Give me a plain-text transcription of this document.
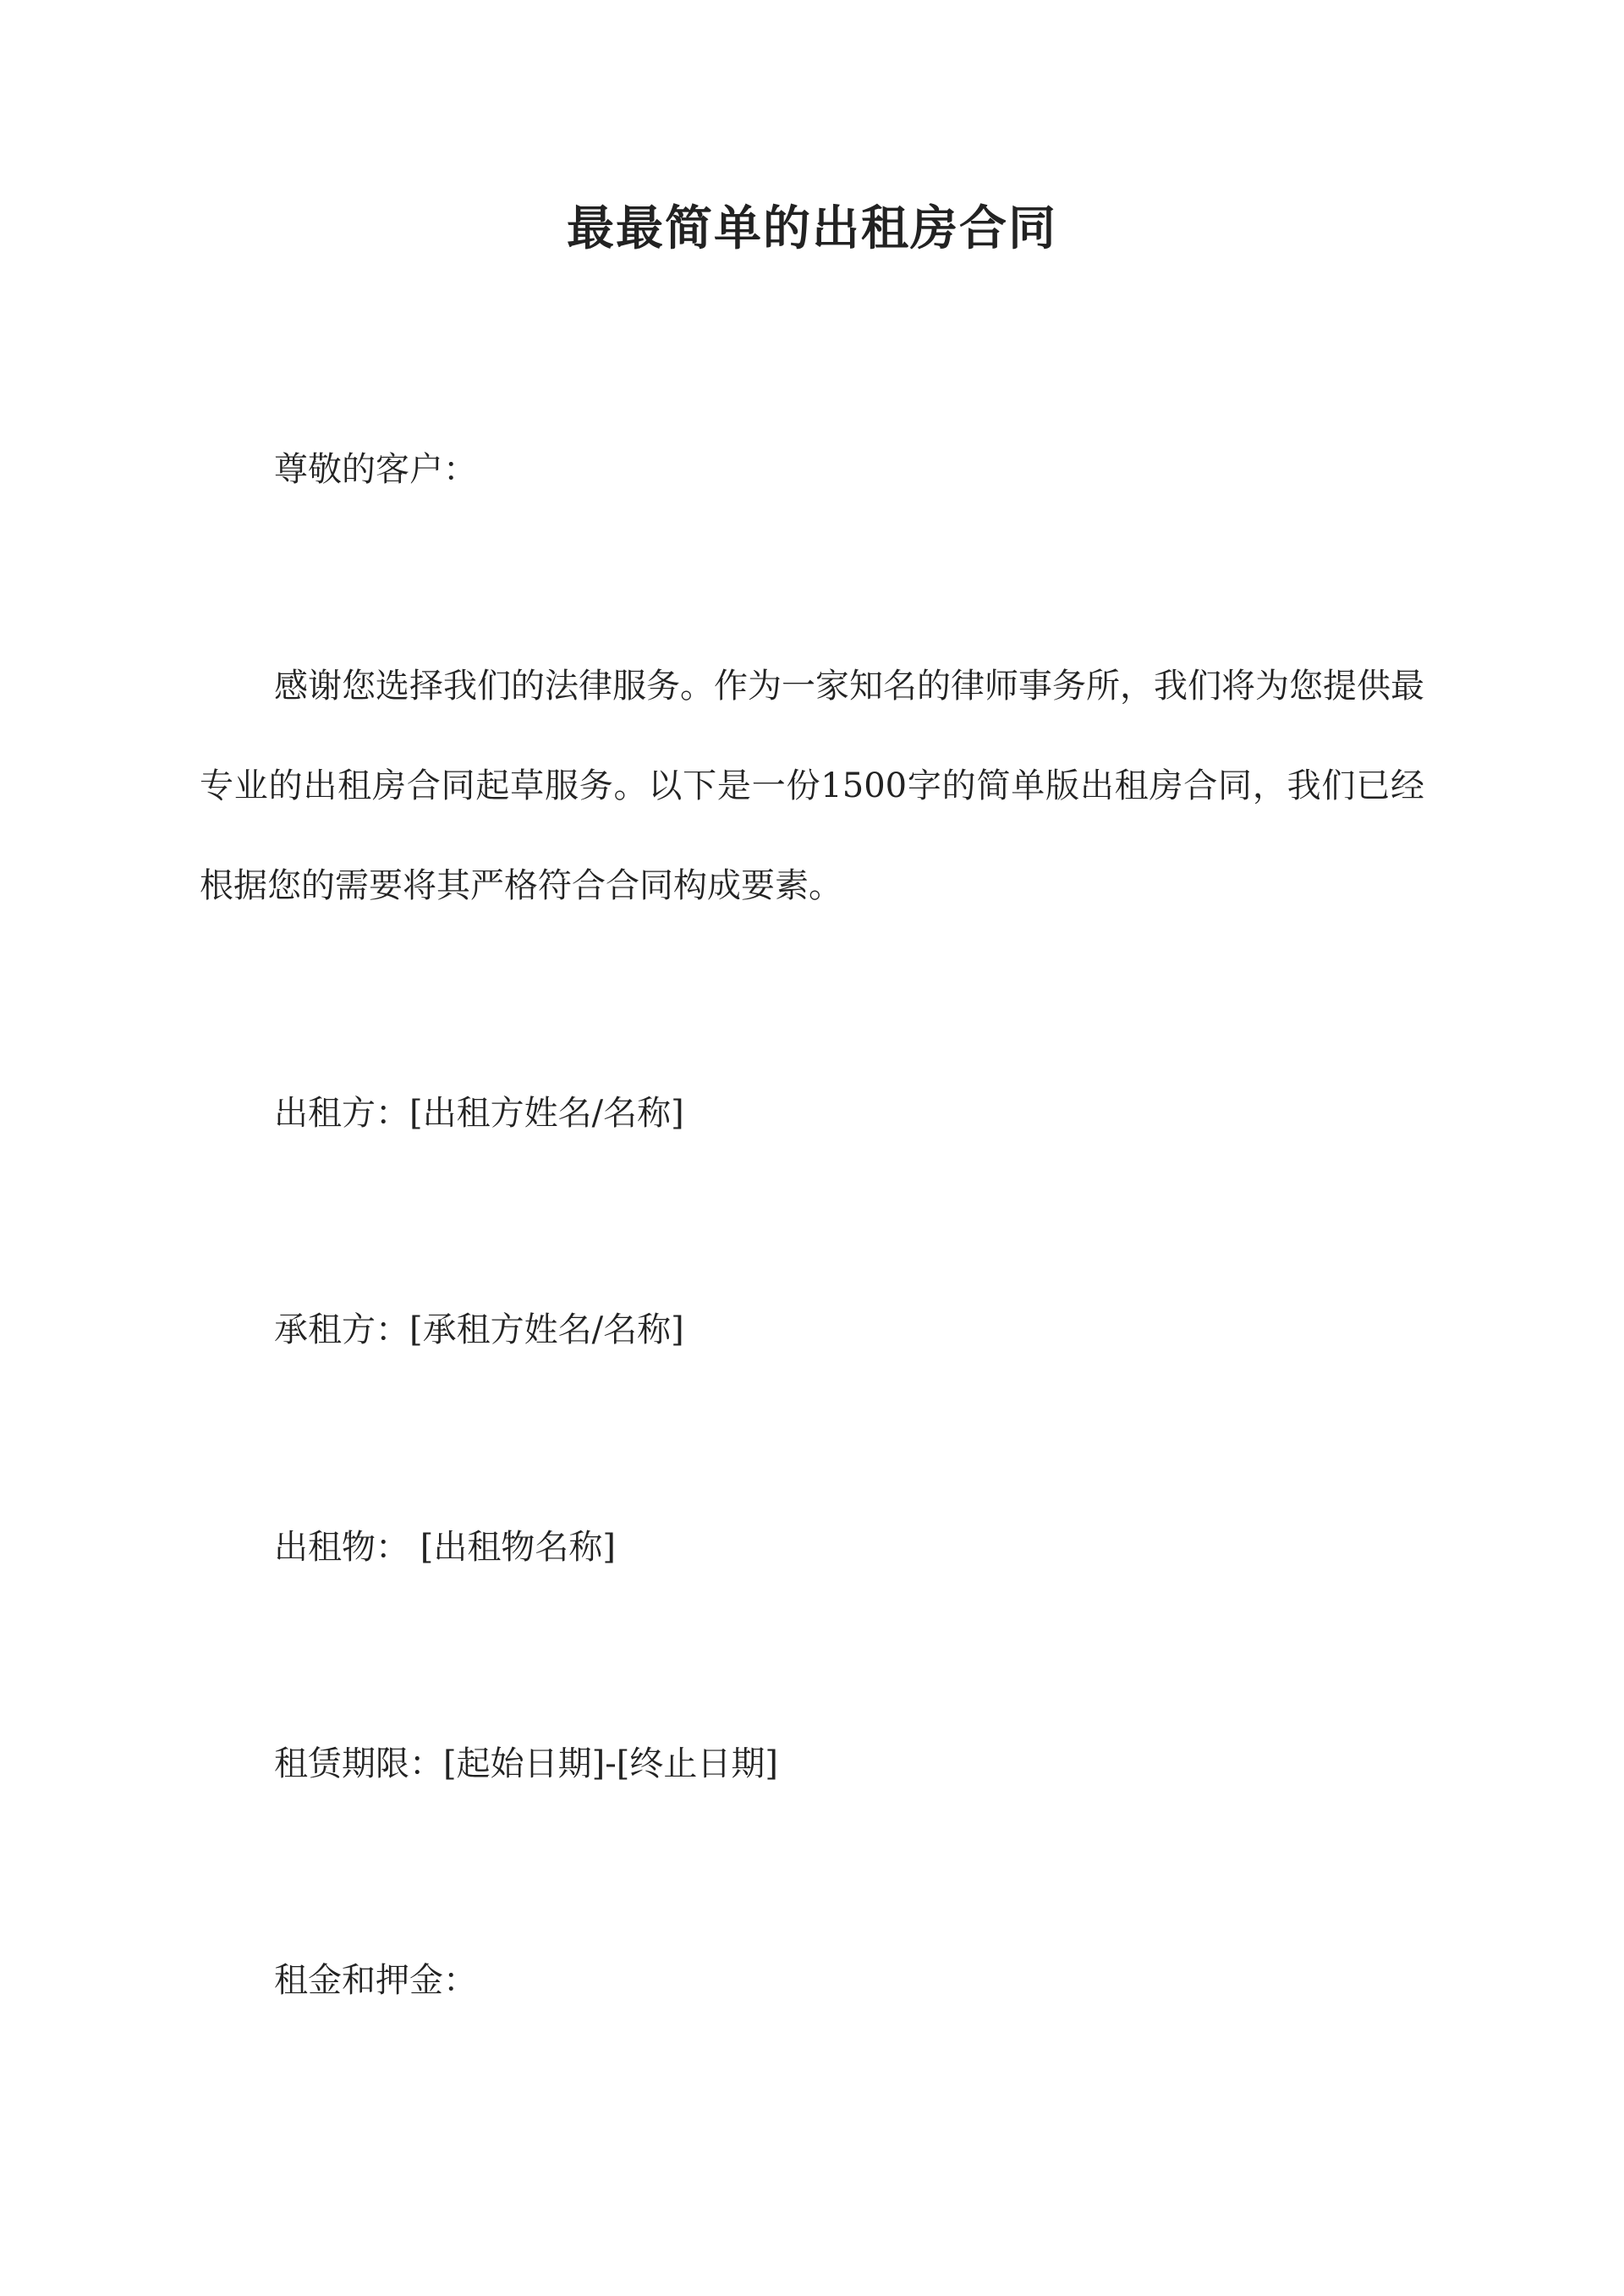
最最简单的出租房合同

尊敬的客户：

感谢您选择我们的法律服务。作为一家知名的律师事务所，我们将为您提供最专业的出租房合同起草服务。以下是一份1500字的简单版出租房合同，我们已经根据您的需要将其严格符合合同构成要素。

出租方：[出租方姓名/名称]

承租方：[承租方姓名/名称]

出租物： [出租物名称]

租赁期限：[起始日期]-[终止日期]

租金和押金：
